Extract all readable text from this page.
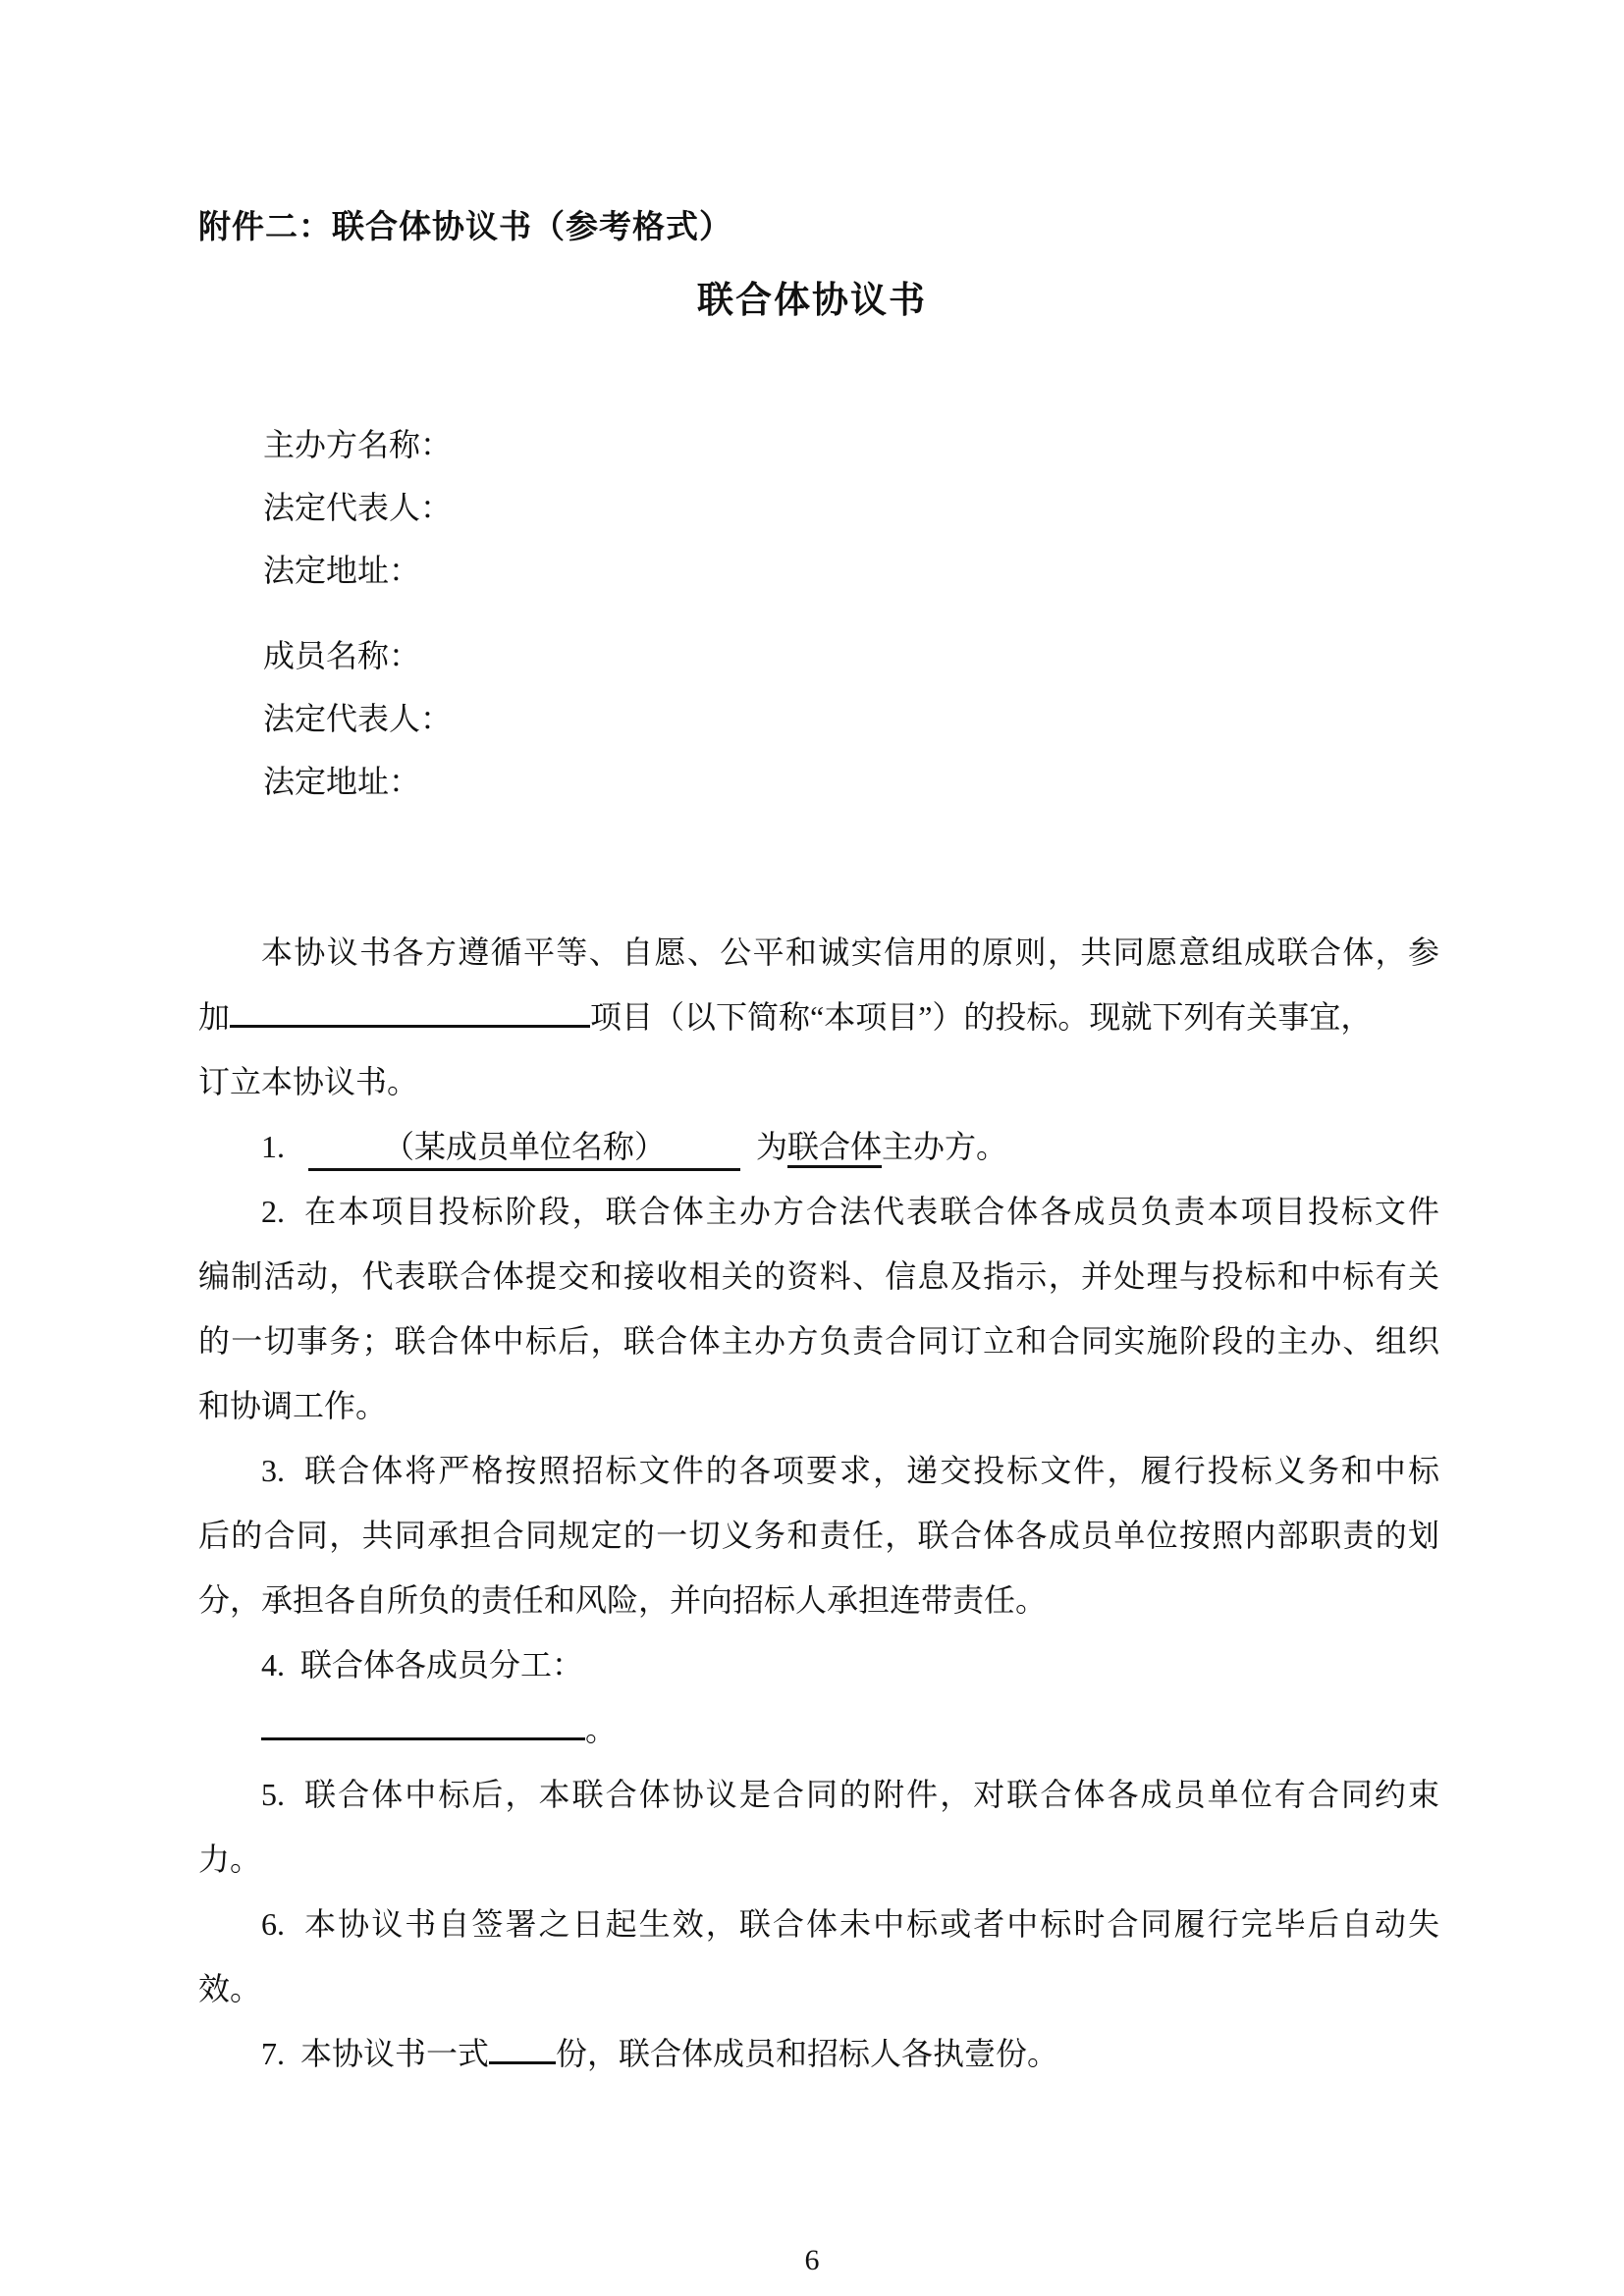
附件二：联合体协议书（参考格式）
联合体协议书
主办方名称：
法定代表人：
法定地址：
成员名称：
法定代表人：
法定地址：
本协议书各方遵循平等、自愿、公平和诚实信用的原则，共同愿意组成联合体，参
加	项目（以下简称“本项目”）的投标。现就下列有关事宜，
订立本协议书。
1.   （某成员单位名称）  为联合体主办方。
2.  在本项目投标阶段，联合体主办方合法代表联合体各成员负责本项目投标文件
编制活动，代表联合体提交和接收相关的资料、信息及指示，并处理与投标和中标有关
的一切事务；联合体中标后，联合体主办方负责合同订立和合同实施阶段的主办、组织
和协调工作。
3.  联合体将严格按照招标文件的各项要求，递交投标文件，履行投标义务和中标
后的合同，共同承担合同规定的一切义务和责任，联合体各成员单位按照内部职责的划
分，承担各自所负的责任和风险，并向招标人承担连带责任。
4.  联合体各成员分工：
。
5.  联合体中标后，本联合体协议是合同的附件，对联合体各成员单位有合同约束
力。
6.  本协议书自签署之日起生效，联合体未中标或者中标时合同履行完毕后自动失
效。
7.  本协议书一式 份，联合体成员和招标人各执壹份。
6
